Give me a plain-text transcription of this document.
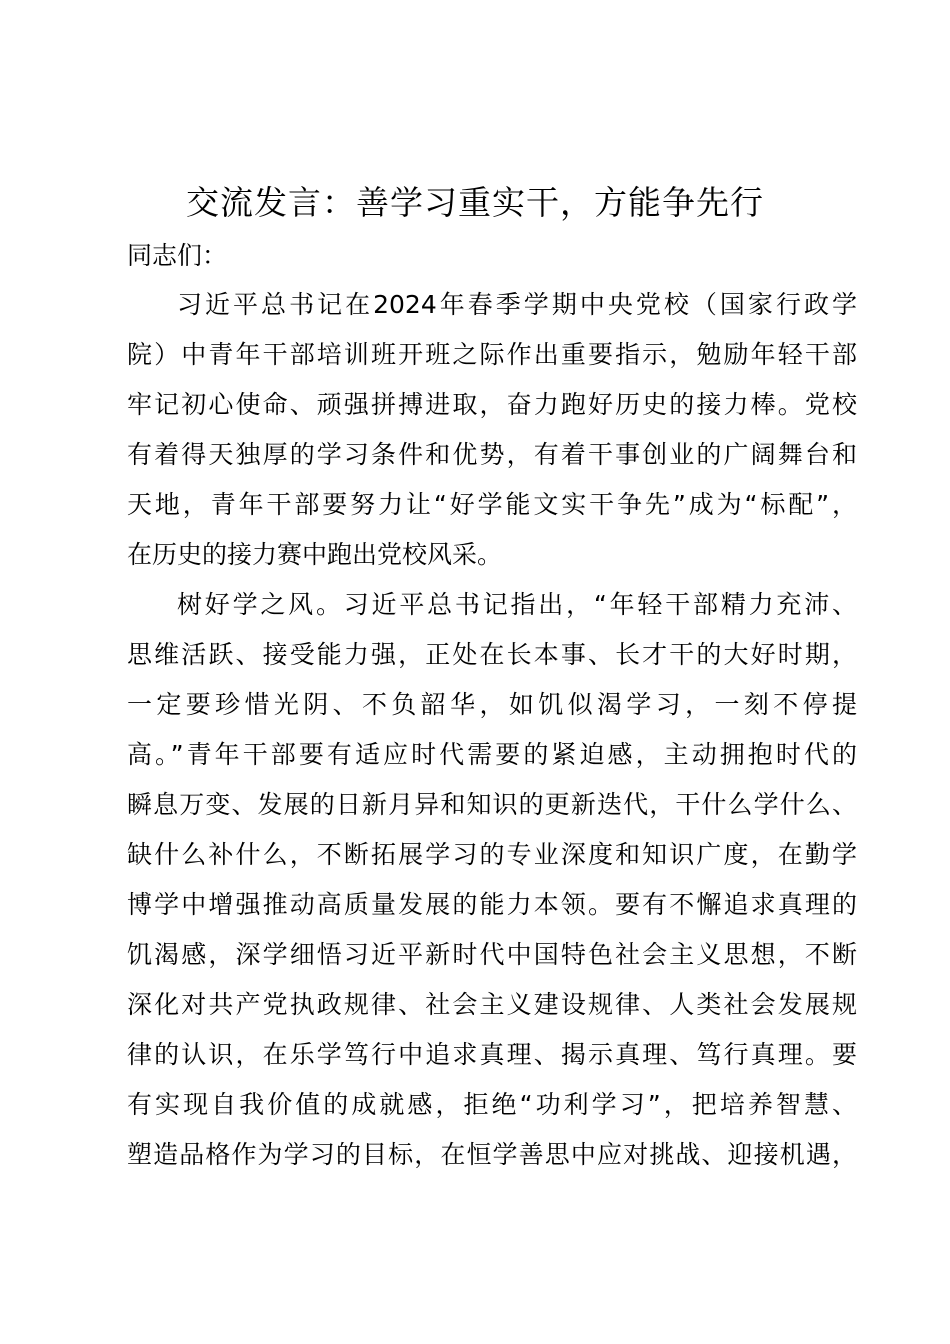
交流发言：善学习重实干，方能争先行
同志们：
习近平总书记在2024年春季学期中央党校（国家行政学
院）中青年干部培训班开班之际作出重要指示，勉励年轻干部
牢记初心使命、顽强拼搏进取，奋力跑好历史的接力棒。党校
有着得天独厚的学习条件和优势，有着干事创业的广阔舞台和
天地，青年干部要努力让“好学能文实干争先”成为“标配”，
在历史的接力赛中跑出党校风采。
树好学之风。习近平总书记指出，“年轻干部精力充沛、
思维活跃、接受能力强，正处在长本事、长才干的大好时期，
一定要珍惜光阴、不负韶华，如饥似渴学习，一刻不停提
高。”青年干部要有适应时代需要的紧迫感，主动拥抱时代的
瞬息万变、发展的日新月异和知识的更新迭代，干什么学什么、
缺什么补什么，不断拓展学习的专业深度和知识广度，在勤学
博学中增强推动高质量发展的能力本领。要有不懈追求真理的
饥渴感，深学细悟习近平新时代中国特色社会主义思想，不断
深化对共产党执政规律、社会主义建设规律、人类社会发展规
律的认识，在乐学笃行中追求真理、揭示真理、笃行真理。要
有实现自我价值的成就感，拒绝“功利学习”，把培养智慧、
塑造品格作为学习的目标，在恒学善思中应对挑战、迎接机遇，
